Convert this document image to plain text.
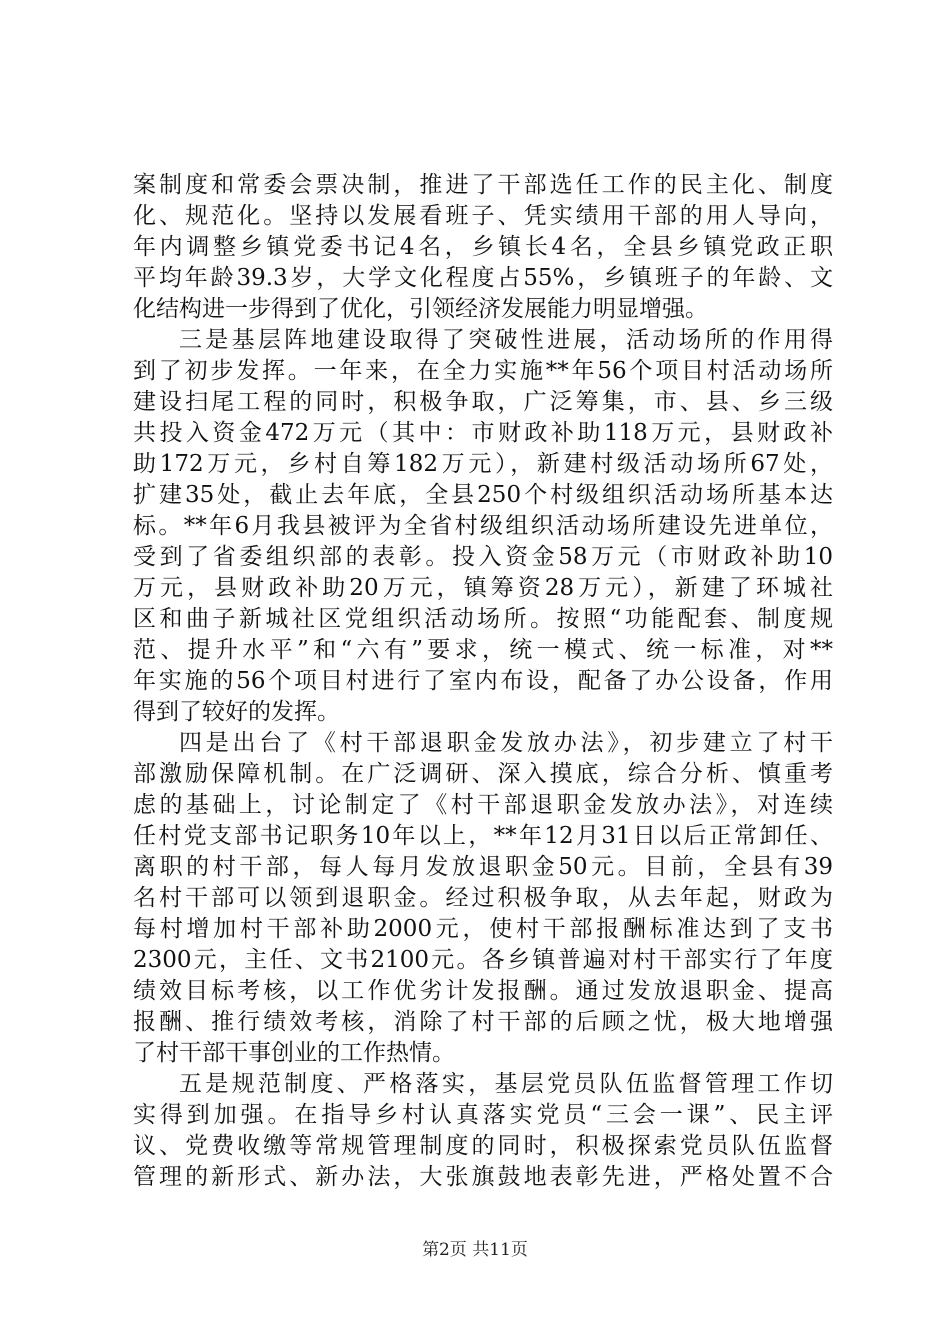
案制度和常委会票决制，推进了干部选任工作的民主化、制度
化、规范化。坚持以发展看班子、凭实绩用干部的用人导向，
年内调整乡镇党委书记4名，乡镇长4名，全县乡镇党政正职
平均年龄39.3岁，大学文化程度占55%，乡镇班子的年龄、文
化结构进一步得到了优化，引领经济发展能力明显增强。
三是基层阵地建设取得了突破性进展，活动场所的作用得
到了初步发挥。一年来，在全力实施**年56个项目村活动场所
建设扫尾工程的同时，积极争取，广泛筹集，市、县、乡三级
共投入资金472万元（其中：市财政补助118万元，县财政补
助172万元，乡村自筹182万元），新建村级活动场所67处，
扩建35处，截止去年底，全县250个村级组织活动场所基本达
标。**年6月我县被评为全省村级组织活动场所建设先进单位，
受到了省委组织部的表彰。投入资金58万元（市财政补助10
万元，县财政补助20万元，镇筹资28万元），新建了环城社
区和曲子新城社区党组织活动场所。按照“功能配套、制度规
范、提升水平”和“六有”要求，统一模式、统一标准，对**
年实施的56个项目村进行了室内布设，配备了办公设备，作用
得到了较好的发挥。
四是出台了《村干部退职金发放办法》，初步建立了村干
部激励保障机制。在广泛调研、深入摸底，综合分析、慎重考
虑的基础上，讨论制定了《村干部退职金发放办法》，对连续
任村党支部书记职务10年以上，**年12月31日以后正常卸任、
离职的村干部，每人每月发放退职金50元。目前，全县有39
名村干部可以领到退职金。经过积极争取，从去年起，财政为
每村增加村干部补助2000元，使村干部报酬标准达到了支书
2300元，主任、文书2100元。各乡镇普遍对村干部实行了年度
绩效目标考核，以工作优劣计发报酬。通过发放退职金、提高
报酬、推行绩效考核，消除了村干部的后顾之忧，极大地增强
了村干部干事创业的工作热情。
五是规范制度、严格落实，基层党员队伍监督管理工作切
实得到加强。在指导乡村认真落实党员“三会一课”、民主评
议、党费收缴等常规管理制度的同时，积极探索党员队伍监督
管理的新形式、新办法，大张旗鼓地表彰先进，严格处置不合
第2页 共11页
